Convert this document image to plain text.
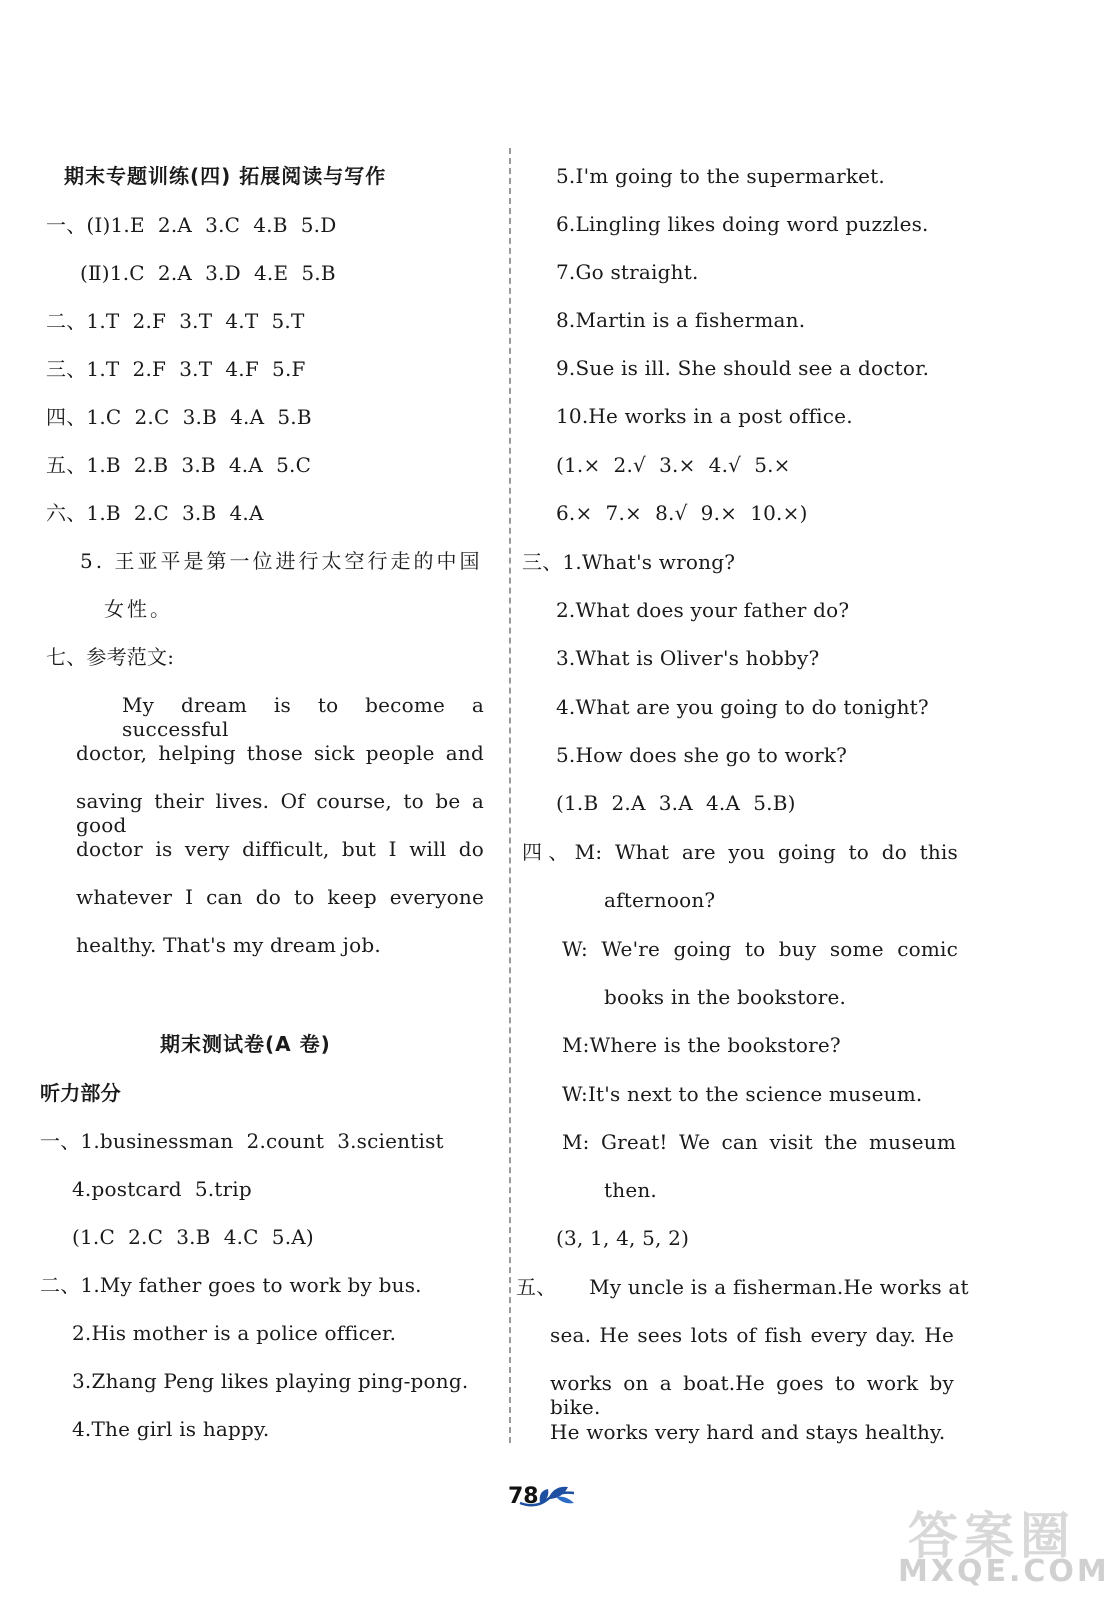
期末专题训练(四) 拓展阅读与写作
一、(Ⅰ)1.E  2.A  3.C  4.B  5.D
(Ⅱ)1.C  2.A  3.D  4.E  5.B
二、1.T  2.F  3.T  4.T  5.T
三、1.T  2.F  3.T  4.F  5.F
四、1.C  2.C  3.B  4.A  5.B
五、1.B  2.B  3.B  4.A  5.C
六、1.B  2.C  3.B  4.A
5. 王亚平是第一位进行太空行走的中国
女性。
七、参考范文:
My dream is to become a successful
doctor, helping those sick people and
saving their lives. Of course, to be a good
doctor is very difficult, but I will do
whatever I can do to keep everyone
healthy. That's my dream job.
期末测试卷(A 卷)
听力部分
一、1.businessman  2.count  3.scientist
4.postcard  5.trip
(1.C  2.C  3.B  4.C  5.A)
二、1.My father goes to work by bus.
2.His mother is a police officer.
3.Zhang Peng likes playing ping-pong.
4.The girl is happy.
5.I'm going to the supermarket.
6.Lingling likes doing word puzzles.
7.Go straight.
8.Martin is a fisherman.
9.Sue is ill. She should see a doctor.
10.He works in a post office.
(1.×  2.√  3.×  4.√  5.×
6.×  7.×  8.√  9.×  10.×)
三、1.What's wrong?
2.What does your father do?
3.What is Oliver's hobby?
4.What are you going to do tonight?
5.How does she go to work?
(1.B  2.A  3.A  4.A  5.B)
四、M: What are you going to do this
afternoon?
W: We're going to buy some comic
books in the bookstore.
M:Where is the bookstore?
W:It's next to the science museum.
M: Great! We can visit the museum
then.
(3, 1, 4, 5, 2)
五、     My uncle is a fisherman.He works at
sea. He sees lots of fish every day. He
works on a boat.He goes to work by bike.
He works very hard and stays healthy.
78
答案圈
MXQE.COM
